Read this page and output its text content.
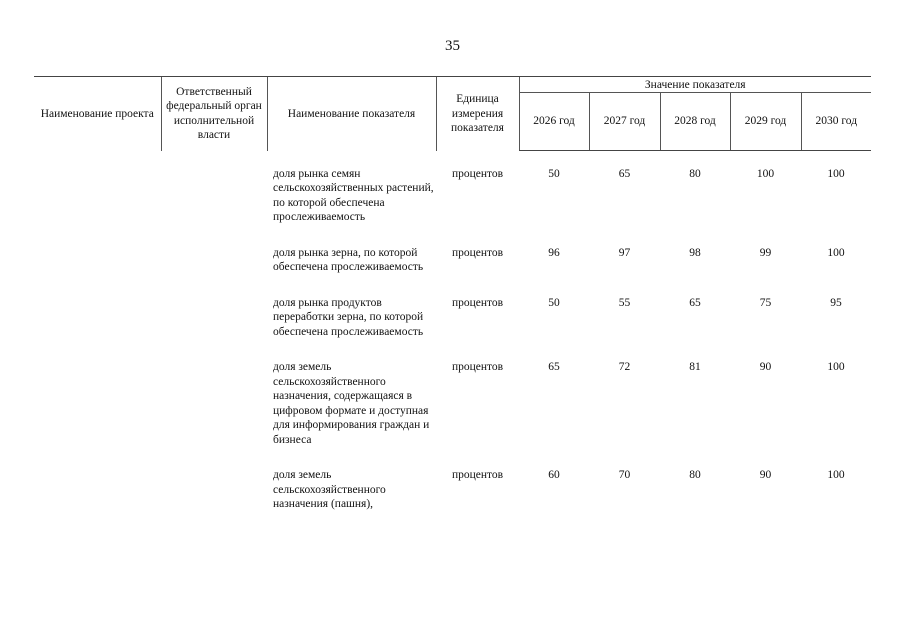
35
Наименование проекта	Ответственный федеральный орган исполнительной власти	Наименование показателя	Единица измерения показателя	Значение показателя				
				2026 год	2027 год	2028 год	2029 год	2030 год
		доля рынка семян сельскохозяйственных растений, по которой обеспечена прослеживаемость	процентов	50	65	80	100	100
		доля рынка зерна, по которой обеспечена прослеживаемость	процентов	96	97	98	99	100
		доля рынка продуктов переработки зерна, по которой обеспечена прослеживаемость	процентов	50	55	65	75	95
		доля земель сельскохозяйственного назначения, содержащаяся в цифровом формате и доступная для информирования граждан и бизнеса	процентов	65	72	81	90	100
		доля земель сельскохозяйственного назначения (пашня),	процентов	60	70	80	90	100
